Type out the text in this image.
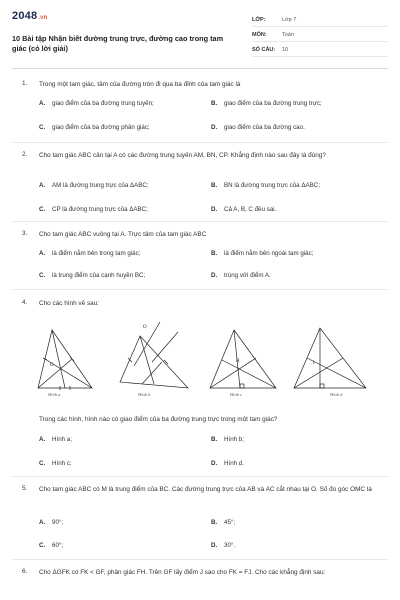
2048.vn
10 Bài tập Nhận biết đường trung trực, đường cao trong tam giác (có lời giải)
LỚP:	Lớp 7
MÔN:	Toán
SỐ CÂU:	10
1. Trong một tam giác, tâm của đường tròn đi qua ba đỉnh của tam giác là
A. giao điểm của ba đường trung tuyến;	B. giao điểm của ba đường trung trực;
C. giao điểm của ba đường phân giác;	D. giao điểm của ba đường cao.
2. Cho tam giác ABC cân tại A có các đường trung tuyến AM, BN, CP. Khẳng định nào sau đây là đúng?
A. AM là đường trung trực của ΔABC;	B. BN là đường trung trực của ΔABC;
C. CP là đường trung trực của ΔABC;	D. Cả A, B, C đều sai.
3. Cho tam giác ABC vuông tại A. Trực tâm của tam giác ABC
A. là điểm nằm bên trong tam giác;	B. là điểm nằm bên ngoài tam giác;
C. là trung điểm của cạnh huyền BC;	D. trùng với điểm A.
4. Cho các hình vẽ sau:
G
O
H	I
Hình a	Hình b	Hình c	Hình d
Trong các hình, hình nào có giao điểm của ba đường trung trực trong một tam giác?
A. Hình a;	B. Hình b;
C. Hình c;	D. Hình d.
5. Cho tam giác ABC có M là trung điểm của BC. Các đường trung trực của AB và AC cắt nhau tại O. Số đo góc OMC là
A. 90°;	B. 45°;
C. 60°;	D. 30°.
6. Cho ΔGFK có FK < GF, phân giác FH. Trên GF lấy điểm J sao cho FK = FJ. Cho các khẳng định sau:
